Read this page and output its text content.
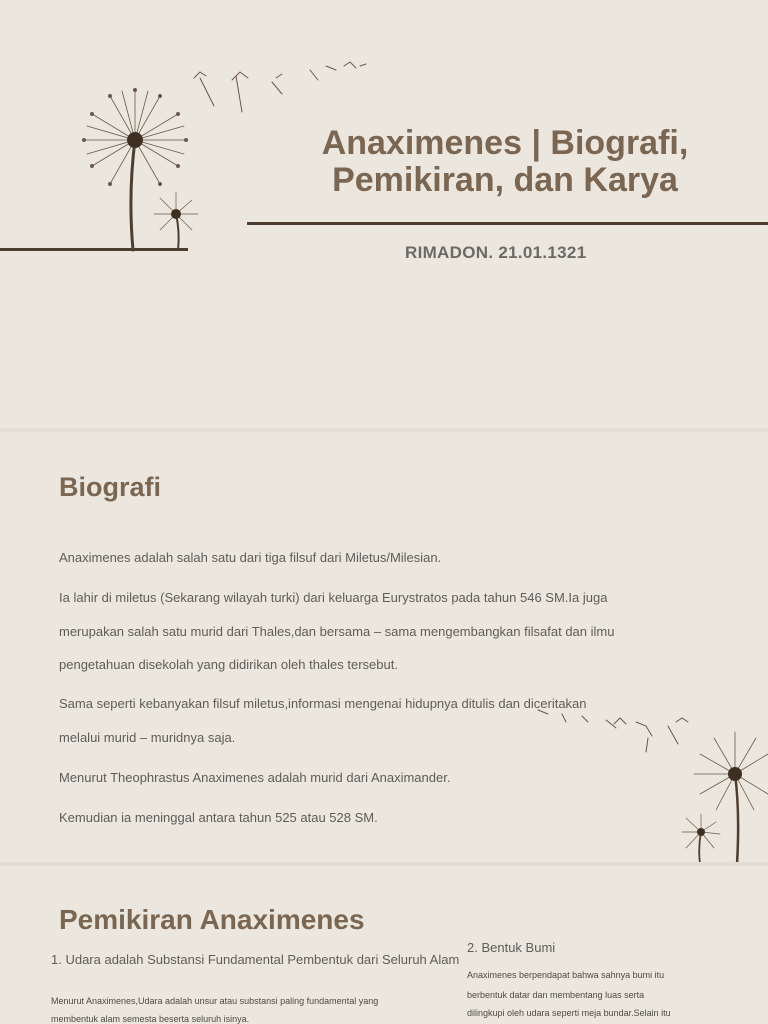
Anaximenes | Biografi,
Pemikiran, dan Karya
RIMADON. 21.01.1321
Biografi
Anaximenes adalah salah satu dari tiga filsuf dari Miletus/Milesian.
Ia lahir di miletus (Sekarang wilayah turki) dari keluarga Eurystratos pada tahun 546 SM.Ia juga
merupakan salah satu murid dari Thales,dan bersama – sama mengembangkan filsafat dan ilmu
pengetahuan disekolah yang didirikan oleh thales tersebut.
Sama seperti kebanyakan filsuf miletus,informasi mengenai hidupnya ditulis dan diceritakan
melalui murid – muridnya saja.
Menurut Theophrastus Anaximenes adalah murid dari Anaximander.
Kemudian ia meninggal antara tahun 525 atau 528 SM.
Pemikiran Anaximenes
1. Udara adalah Substansi Fundamental Pembentuk dari Seluruh Alam
Menurut Anaximenes,Udara adalah unsur atau substansi paling fundamental yang
membentuk alam semesta beserta seluruh isinya.
2. Bentuk Bumi
Anaximenes berpendapat bahwa sahnya bumi itu
berbentuk datar dan membentang luas serta
dilingkupi oleh udara seperti meja bundar.Selain itu
